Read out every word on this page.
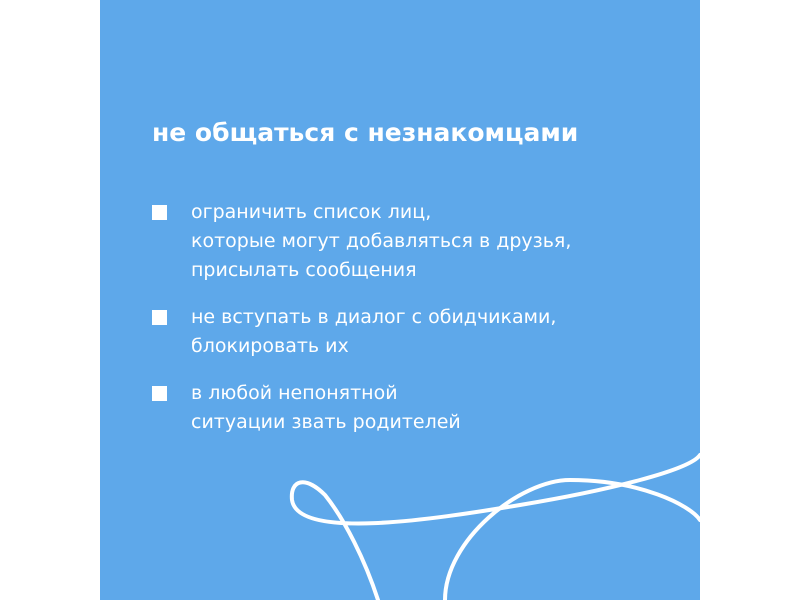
не общаться с незнакомцами
ограничить список лиц,
которые могут добавляться в друзья,
присылать сообщения
не вступать в диалог с обидчиками,
блокировать их
в любой непонятной
ситуации звать родителей
